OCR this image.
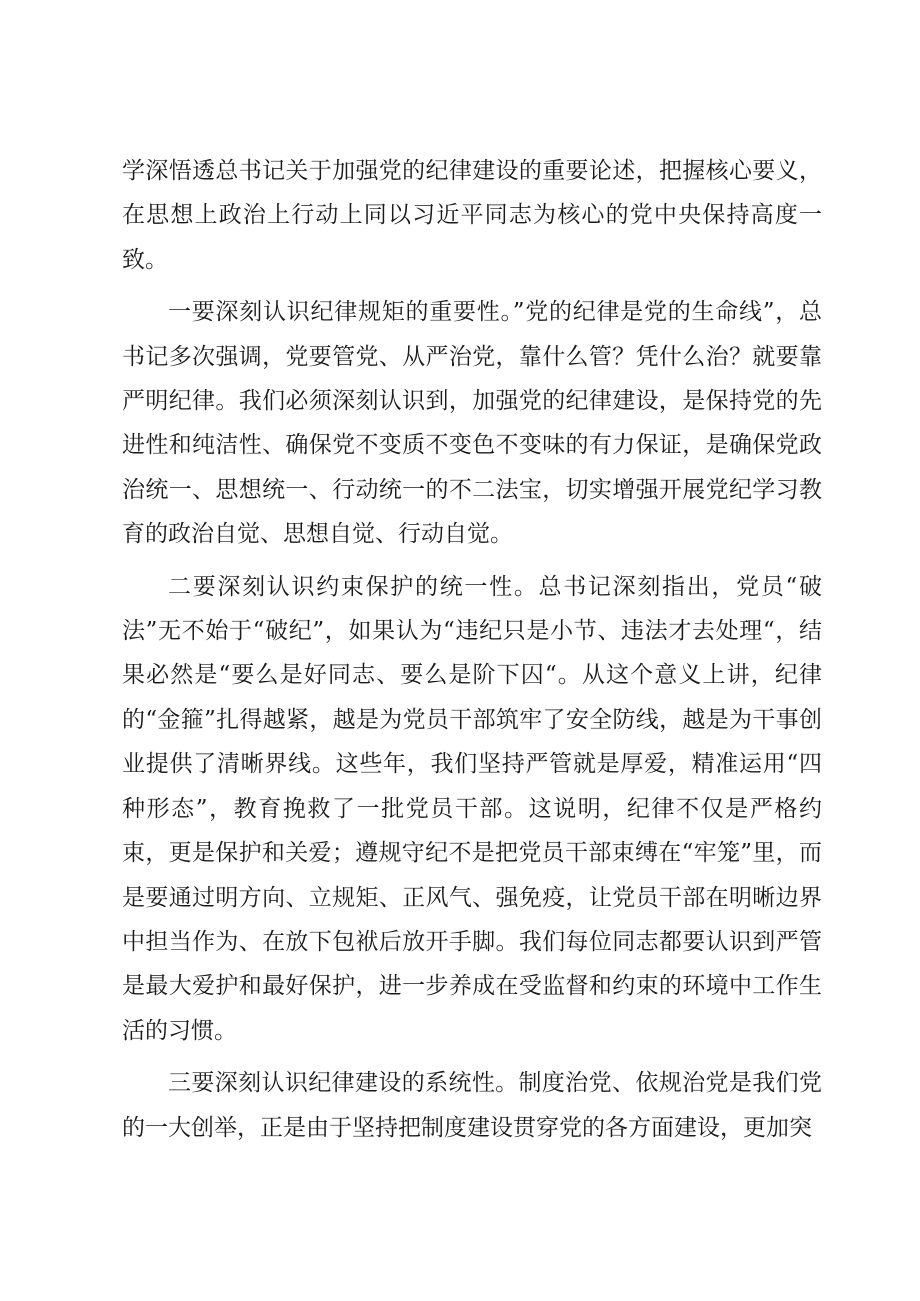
学深悟透总书记关于加强党的纪律建设的重要论述，把握核心要义，在思想上政治上行动上同以习近平同志为核心的党中央保持高度一致。

一要深刻认识纪律规矩的重要性。”党的纪律是党的生命线”，总书记多次强调，党要管党、从严治党，靠什么管？凭什么治？就要靠严明纪律。我们必须深刻认识到，加强党的纪律建设，是保持党的先进性和纯洁性、确保党不变质不变色不变味的有力保证，是确保党政治统一、思想统一、行动统一的不二法宝，切实增强开展党纪学习教育的政治自觉、思想自觉、行动自觉。

二要深刻认识约束保护的统一性。总书记深刻指出，党员“破法”无不始于“破纪”，如果认为“违纪只是小节、违法才去处理“，结果必然是“要么是好同志、要么是阶下囚“。从这个意义上讲，纪律的“金箍”扎得越紧，越是为党员干部筑牢了安全防线，越是为干事创业提供了清晰界线。这些年，我们坚持严管就是厚爱，精准运用“四种形态”，教育挽救了一批党员干部。这说明，纪律不仅是严格约束，更是保护和关爱；遵规守纪不是把党员干部束缚在“牢笼”里，而是要通过明方向、立规矩、正风气、强免疫，让党员干部在明晰边界中担当作为、在放下包袱后放开手脚。我们每位同志都要认识到严管是最大爱护和最好保护，进一步养成在受监督和约束的环境中工作生活的习惯。

三要深刻认识纪律建设的系统性。制度治党、依规治党是我们党的一大创举，正是由于坚持把制度建设贯穿党的各方面建设，更加突
